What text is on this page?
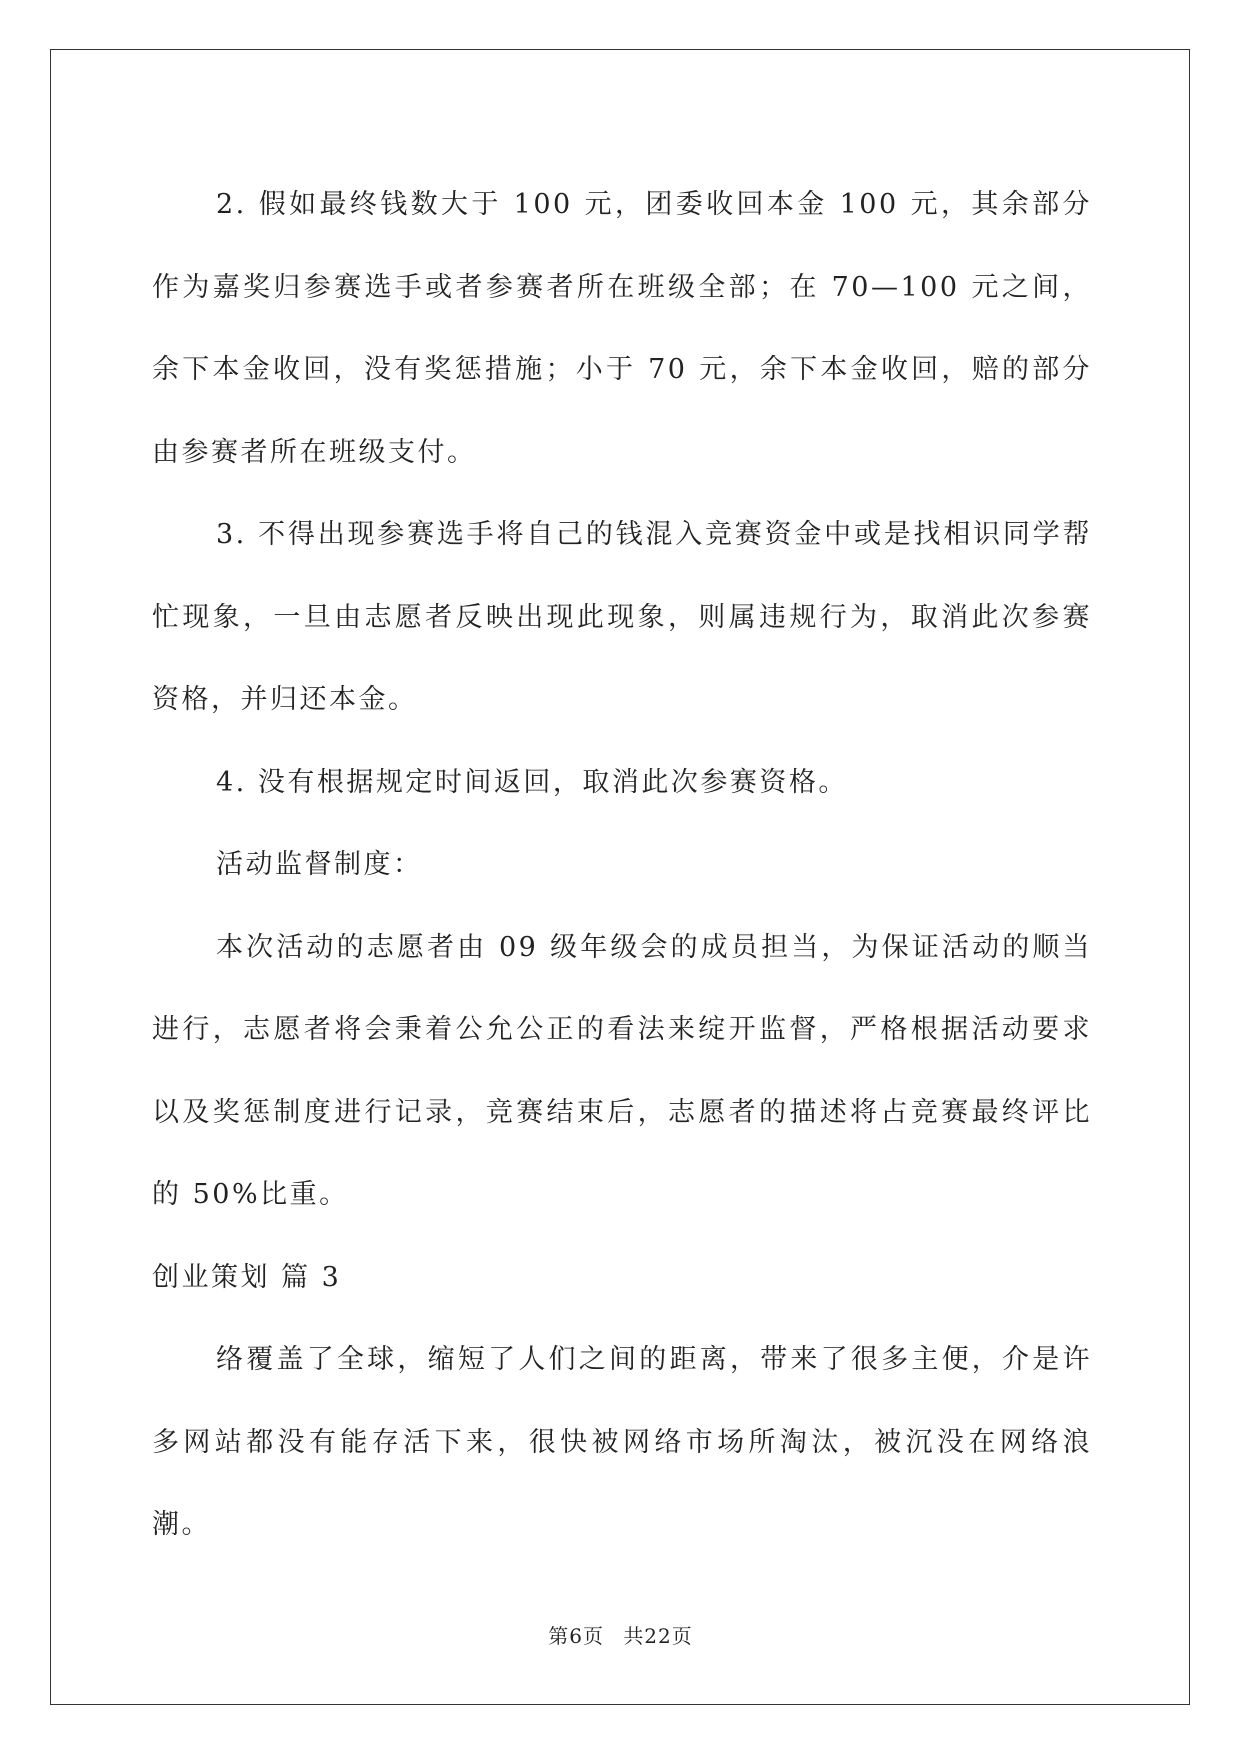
2. 假如最终钱数大于 100 元，团委收回本金 100 元，其余部分作为嘉奖归参赛选手或者参赛者所在班级全部；在 70—100 元之间，余下本金收回，没有奖惩措施；小于 70 元，余下本金收回，赔的部分由参赛者所在班级支付。

3. 不得出现参赛选手将自己的钱混入竞赛资金中或是找相识同学帮忙现象，一旦由志愿者反映出现此现象，则属违规行为，取消此次参赛资格，并归还本金。

4. 没有根据规定时间返回，取消此次参赛资格。

活动监督制度：

本次活动的志愿者由 09 级年级会的成员担当，为保证活动的顺当进行，志愿者将会秉着公允公正的看法来绽开监督，严格根据活动要求以及奖惩制度进行记录，竞赛结束后，志愿者的描述将占竞赛最终评比的 50%比重。

创业策划 篇 3

络覆盖了全球，缩短了人们之间的距离，带来了很多主便，介是许多网站都没有能存活下来，很快被网络市场所淘汰，被沉没在网络浪潮。

第6页 共22页
